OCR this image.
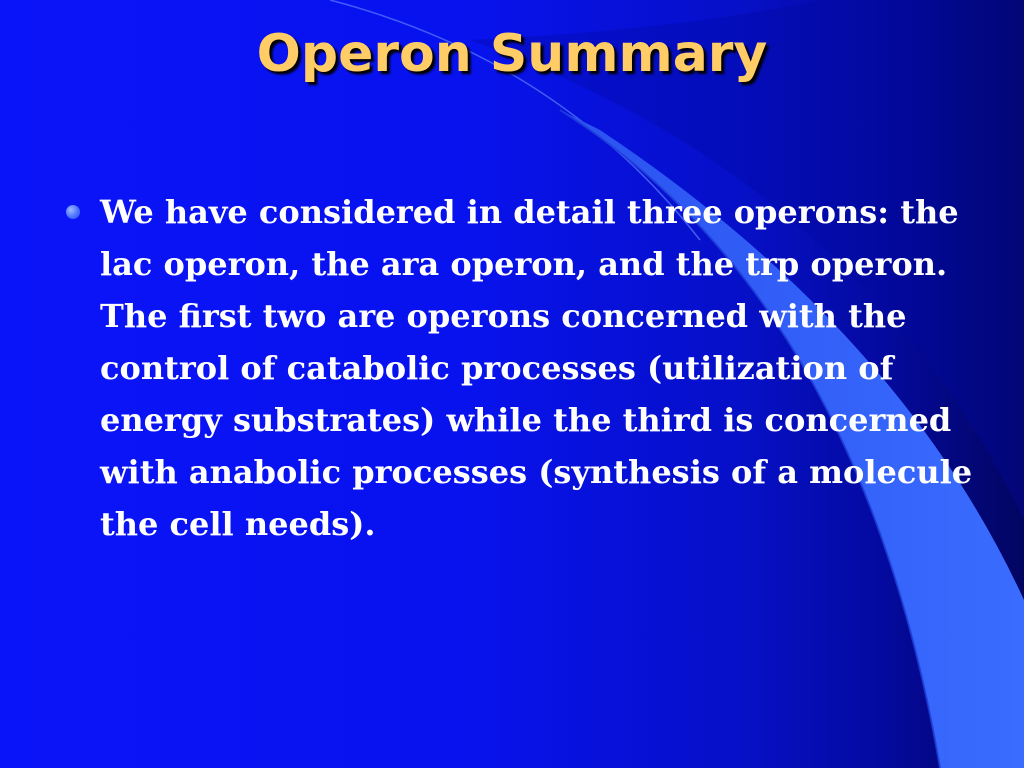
Operon Summary
We have considered in detail three operons: the lac operon, the ara operon, and the trp operon. The first two are operons concerned with the control of catabolic processes (utilization of energy substrates) while the third is concerned with anabolic processes (synthesis of a molecule the cell needs).
